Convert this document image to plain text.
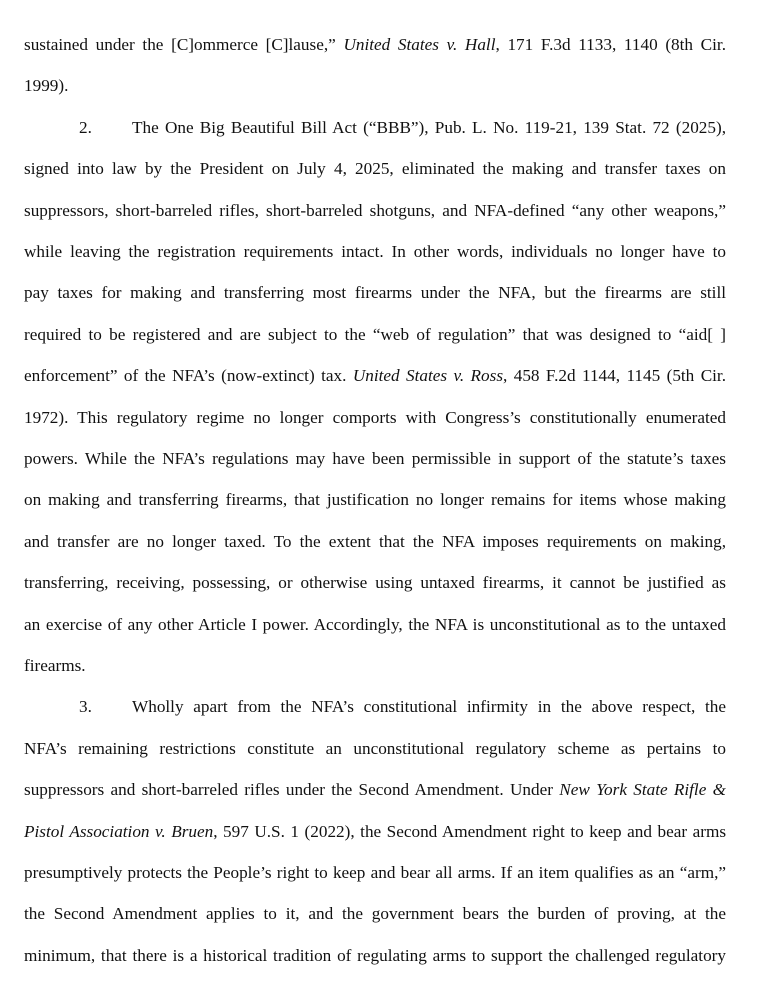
sustained under the [C]ommerce [C]lause,” United States v. Hall, 171 F.3d 1133, 1140 (8th Cir.
1999).
2. The One Big Beautiful Bill Act (“BBB”), Pub. L. No. 119-21, 139 Stat. 72 (2025),
signed into law by the President on July 4, 2025, eliminated the making and transfer taxes on
suppressors, short-barreled rifles, short-barreled shotguns, and NFA-defined “any other weapons,”
while leaving the registration requirements intact. In other words, individuals no longer have to
pay taxes for making and transferring most firearms under the NFA, but the firearms are still
required to be registered and are subject to the “web of regulation” that was designed to “aid[ ]
enforcement” of the NFA’s (now-extinct) tax. United States v. Ross, 458 F.2d 1144, 1145 (5th Cir.
1972). This regulatory regime no longer comports with Congress’s constitutionally enumerated
powers. While the NFA’s regulations may have been permissible in support of the statute’s taxes
on making and transferring firearms, that justification no longer remains for items whose making
and transfer are no longer taxed. To the extent that the NFA imposes requirements on making,
transferring, receiving, possessing, or otherwise using untaxed firearms, it cannot be justified as
an exercise of any other Article I power. Accordingly, the NFA is unconstitutional as to the untaxed
firearms.
3. Wholly apart from the NFA’s constitutional infirmity in the above respect, the
NFA’s remaining restrictions constitute an unconstitutional regulatory scheme as pertains to
suppressors and short-barreled rifles under the Second Amendment. Under New York State Rifle &
Pistol Association v. Bruen, 597 U.S. 1 (2022), the Second Amendment right to keep and bear arms
presumptively protects the People’s right to keep and bear all arms. If an item qualifies as an “arm,”
the Second Amendment applies to it, and the government bears the burden of proving, at the
minimum, that there is a historical tradition of regulating arms to support the challenged regulatory
